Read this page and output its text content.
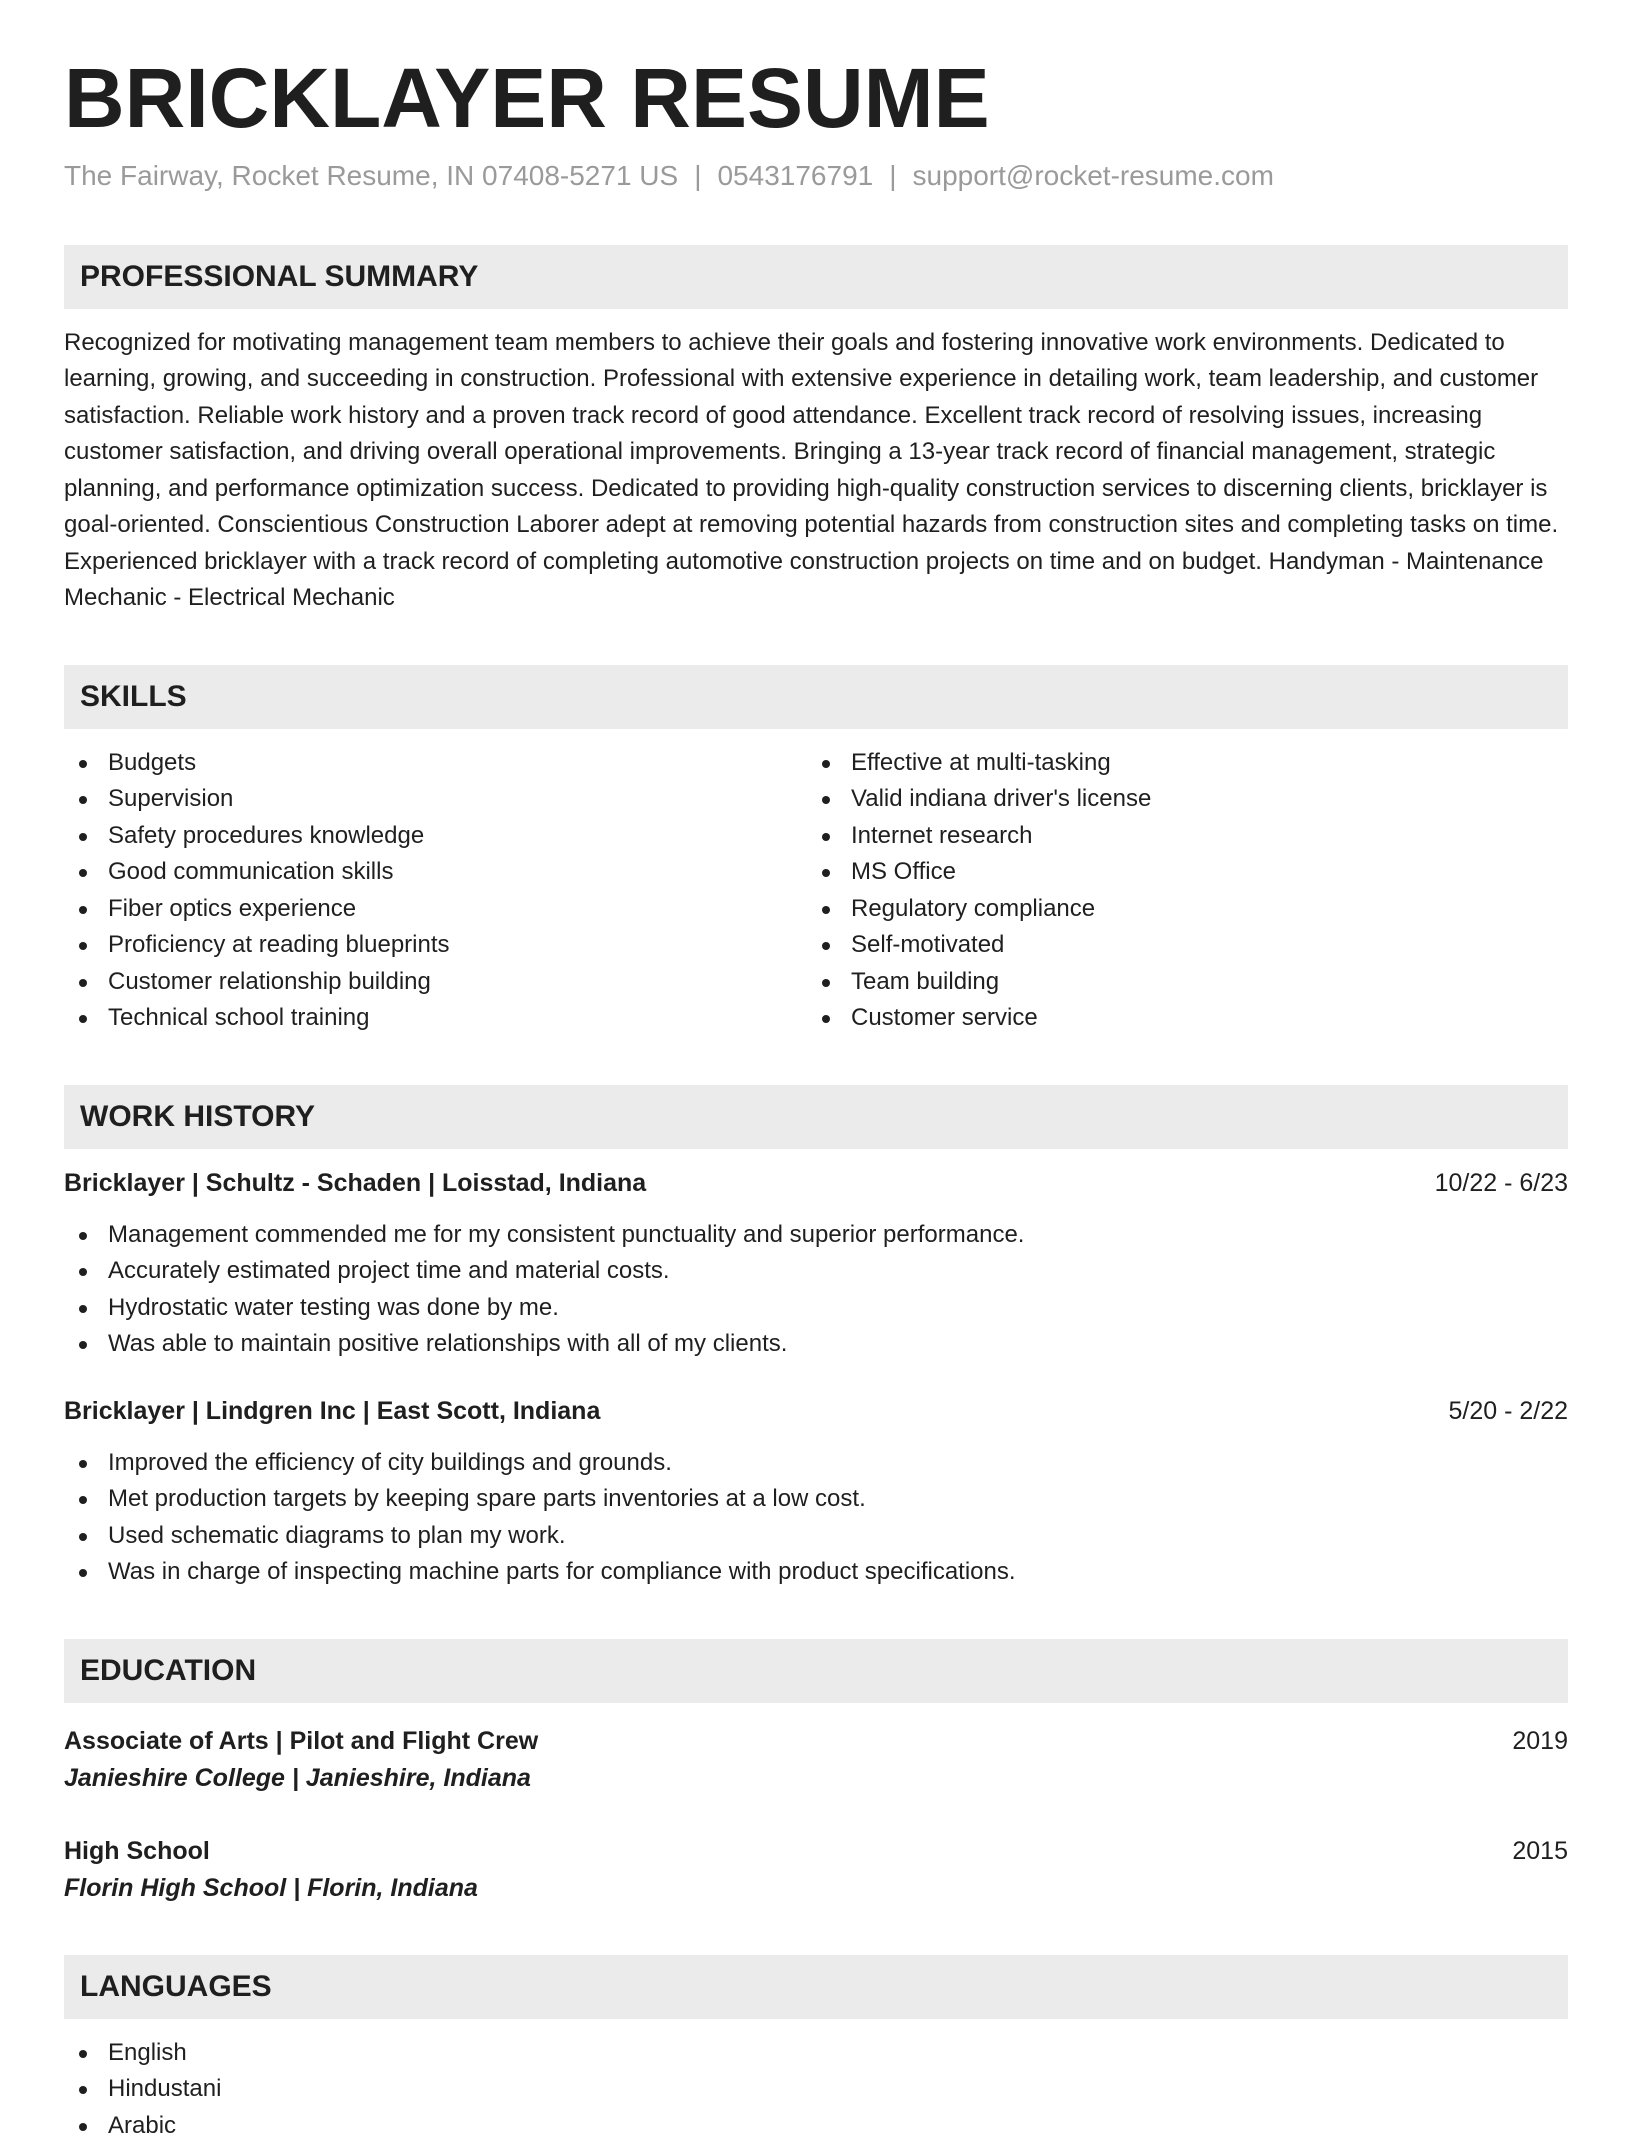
BRICKLAYER RESUME
The Fairway, Rocket Resume, IN 07408-5271 US | 0543176791 | support@rocket-resume.com
PROFESSIONAL SUMMARY
Recognized for motivating management team members to achieve their goals and fostering innovative work environments. Dedicated to learning, growing, and succeeding in construction. Professional with extensive experience in detailing work, team leadership, and customer satisfaction. Reliable work history and a proven track record of good attendance. Excellent track record of resolving issues, increasing customer satisfaction, and driving overall operational improvements. Bringing a 13-year track record of financial management, strategic planning, and performance optimization success. Dedicated to providing high-quality construction services to discerning clients, bricklayer is goal-oriented. Conscientious Construction Laborer adept at removing potential hazards from construction sites and completing tasks on time. Experienced bricklayer with a track record of completing automotive construction projects on time and on budget. Handyman - Maintenance Mechanic - Electrical Mechanic
SKILLS
Budgets
Supervision
Safety procedures knowledge
Good communication skills
Fiber optics experience
Proficiency at reading blueprints
Customer relationship building
Technical school training
Effective at multi-tasking
Valid indiana driver's license
Internet research
MS Office
Regulatory compliance
Self-motivated
Team building
Customer service
WORK HISTORY
Bricklayer | Schultz - Schaden | Loisstad, Indiana	10/22 - 6/23
Management commended me for my consistent punctuality and superior performance.
Accurately estimated project time and material costs.
Hydrostatic water testing was done by me.
Was able to maintain positive relationships with all of my clients.
Bricklayer | Lindgren Inc | East Scott, Indiana	5/20 - 2/22
Improved the efficiency of city buildings and grounds.
Met production targets by keeping spare parts inventories at a low cost.
Used schematic diagrams to plan my work.
Was in charge of inspecting machine parts for compliance with product specifications.
EDUCATION
Associate of Arts | Pilot and Flight Crew	2019
Janieshire College | Janieshire, Indiana
High School	2015
Florin High School | Florin, Indiana
LANGUAGES
English
Hindustani
Arabic
